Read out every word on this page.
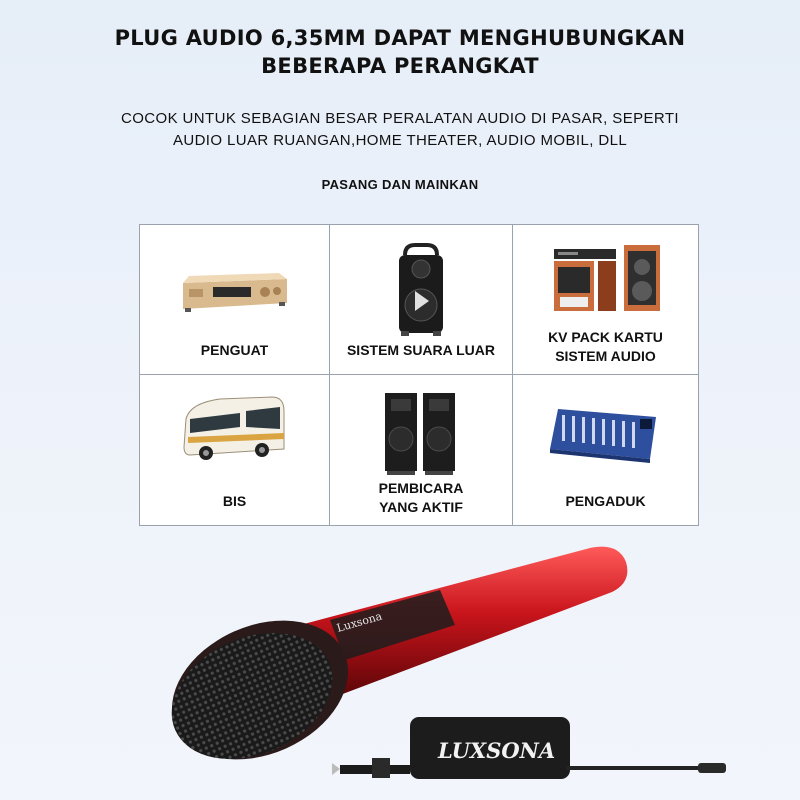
PLUG AUDIO 6,35MM DAPAT MENGHUBUNGKAN
BEBERAPA PERANGKAT

COCOK UNTUK SEBAGIAN BESAR PERALATAN AUDIO DI PASAR, SEPERTI
AUDIO LUAR RUANGAN,HOME THEATER, AUDIO MOBIL, DLL

PASANG DAN MAINKAN

PENGUAT	SISTEM SUARA LUAR
KV PACK KARTU
SISTEM AUDIO
BIS
PEMBICARA
YANG AKTIF	PENGADUK
Luxsona
LUXSONA
